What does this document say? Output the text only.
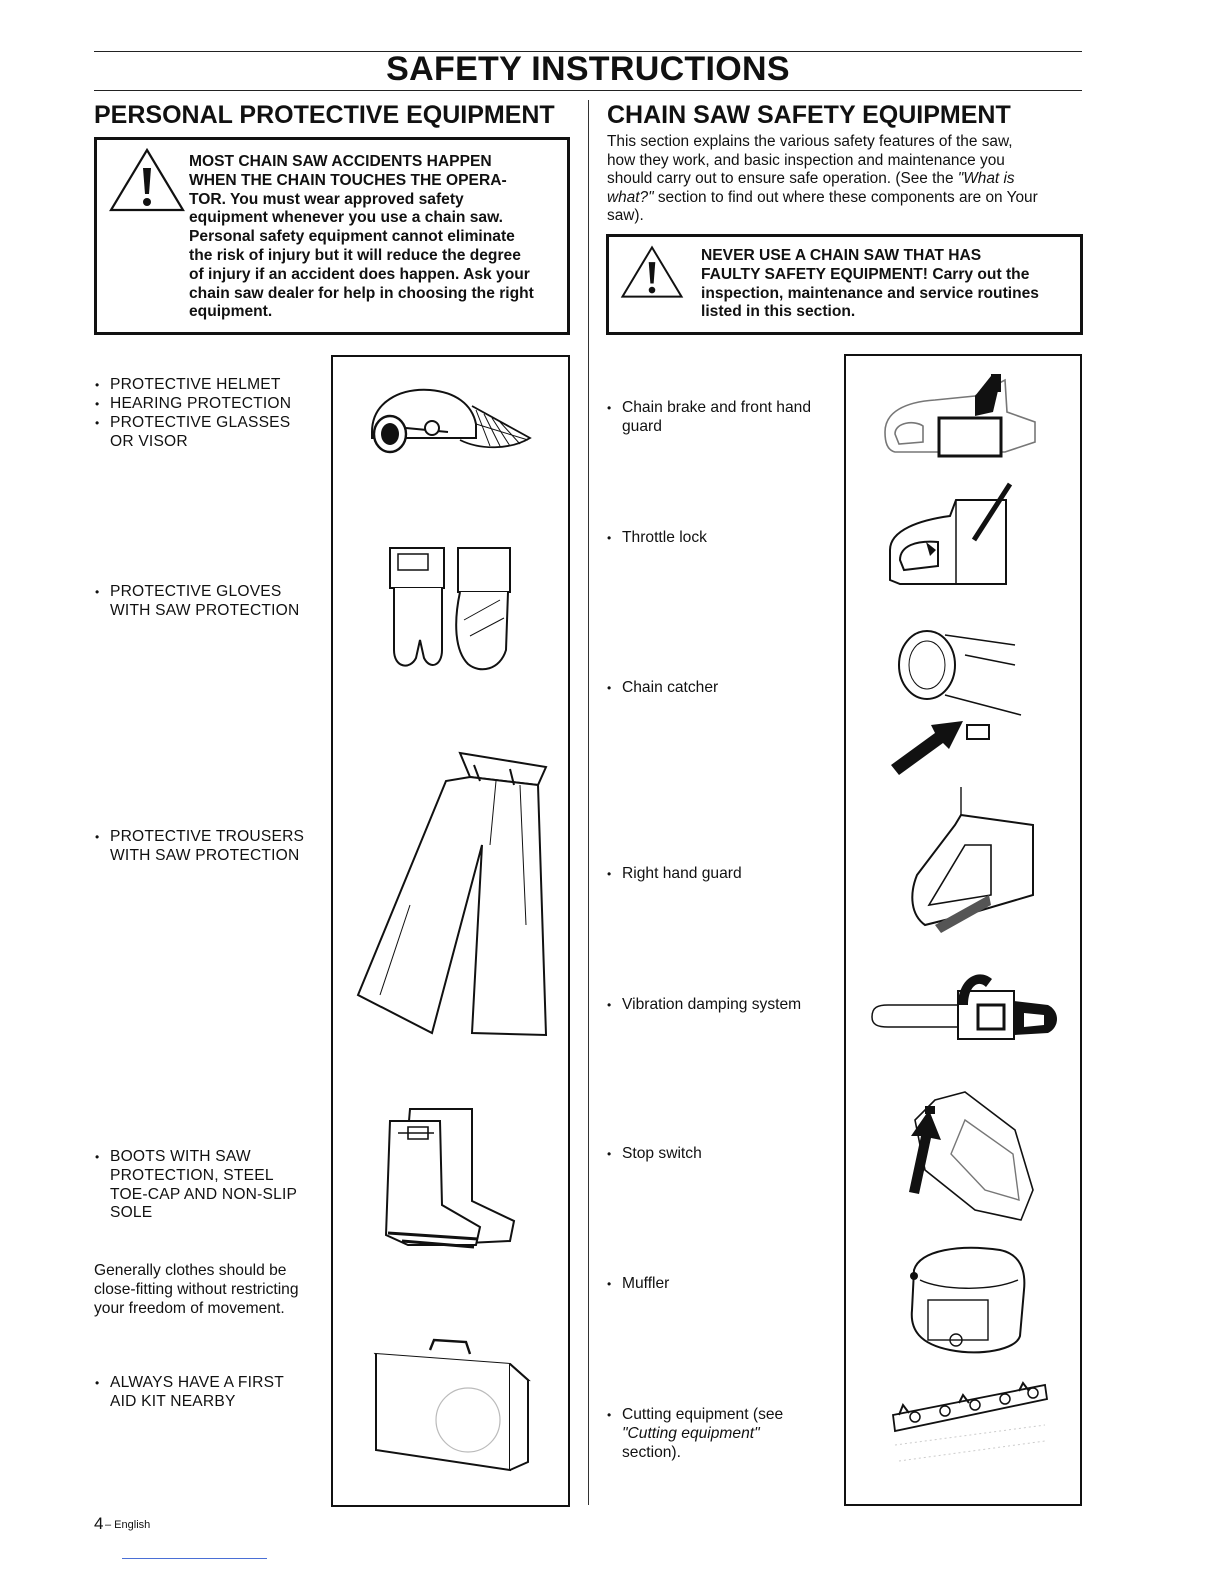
SAFETY INSTRUCTIONS
PERSONAL PROTECTIVE EQUIPMENT
MOST CHAIN SAW ACCIDENTS HAPPEN
WHEN THE CHAIN TOUCHES THE OPERA-
TOR. You must wear approved safety
equipment whenever you use a chain saw.
Personal safety equipment cannot eliminate
the risk of injury but it will reduce the degree
of injury if an accident does happen. Ask your
chain saw dealer for help in choosing the right
equipment.
• PROTECTIVE HELMET
• HEARING PROTECTION
• PROTECTIVE GLASSES
OR VISOR
• PROTECTIVE GLOVES
WITH SAW PROTECTION
• PROTECTIVE TROUSERS
WITH SAW PROTECTION
• BOOTS WITH SAW
PROTECTION, STEEL
TOE-CAP AND NON-SLIP
SOLE
Generally clothes should be
close-fitting without restricting
your freedom of movement.
• ALWAYS HAVE A FIRST
AID KIT NEARBY
CHAIN SAW SAFETY EQUIPMENT
This section explains the various safety features of the saw,
how they work, and basic inspection and maintenance you
should carry out to ensure safe operation. (See the "What is
what?" section to find out where these components are on Your
saw).
NEVER USE A CHAIN SAW THAT HAS
FAULTY SAFETY EQUIPMENT! Carry out the
inspection, maintenance and service routines
listed in this section.
• Chain brake and front hand
guard
• Throttle lock
• Chain catcher
• Right hand guard
• Vibration damping system
• Stop switch
• Muffler
• Cutting equipment (see
"Cutting equipment"
section).
4 – English
